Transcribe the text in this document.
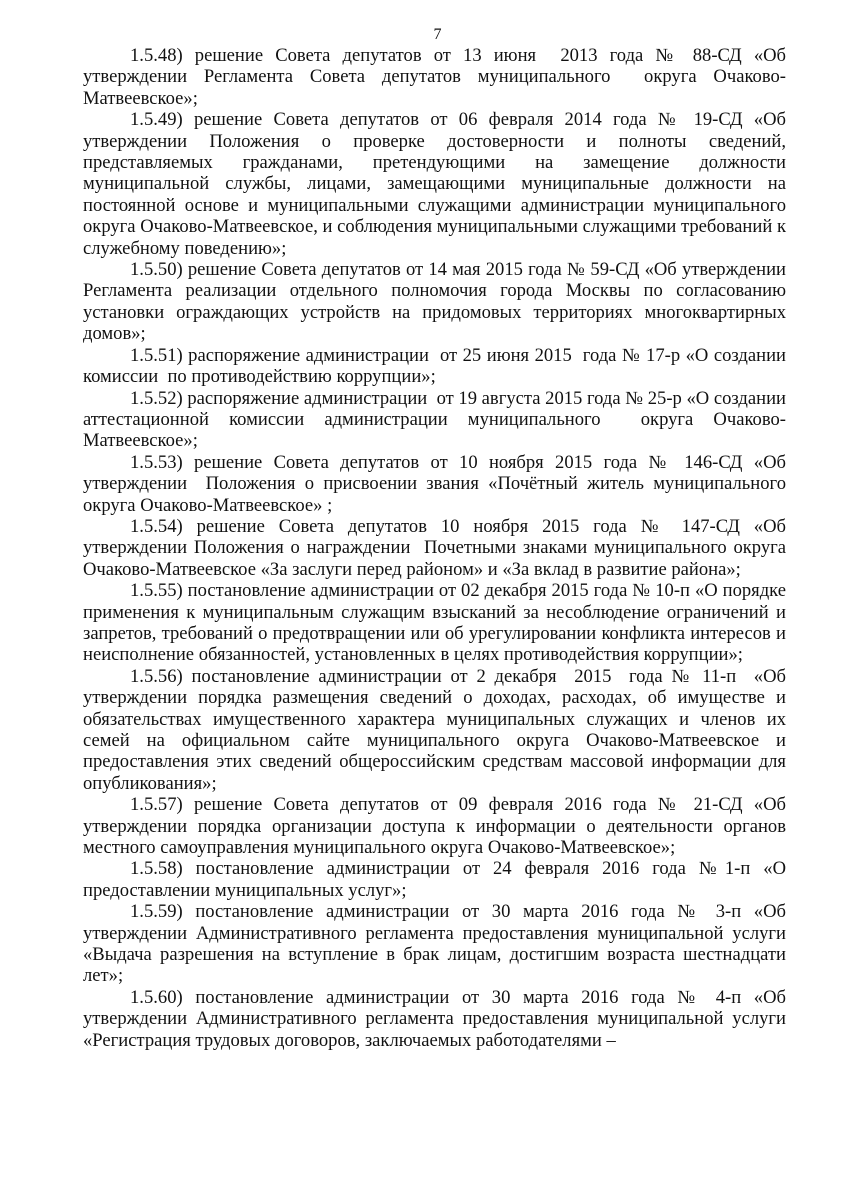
7

1.5.48) решение Совета депутатов от 13 июня  2013 года № 88-СД «Об утверждении Регламента Совета депутатов муниципального  округа Очаково-Матвеевское»;

1.5.49) решение Совета депутатов от 06 февраля 2014 года № 19-СД «Об утверждении Положения о проверке достоверности и полноты сведений, представляемых гражданами, претендующими на замещение должности муниципальной службы, лицами, замещающими муниципальные должности на постоянной основе и муниципальными служащими администрации муниципального округа Очаково-Матвеевское, и соблюдения муниципальными служащими требований к служебному поведению»;

1.5.50) решение Совета депутатов от 14 мая 2015 года № 59-СД «Об утверждении Регламента реализации отдельного полномочия города Москвы по согласованию установки ограждающих устройств на придомовых территориях многоквартирных домов»;

1.5.51) распоряжение администрации  от 25 июня 2015  года № 17-р «О создании комиссии  по противодействию коррупции»;

1.5.52) распоряжение администрации  от 19 августа 2015 года № 25-р «О создании аттестационной комиссии администрации муниципального  округа Очаково-Матвеевское»;

1.5.53) решение Совета депутатов от 10 ноября 2015 года № 146-СД «Об утверждении  Положения о присвоении звания «Почётный житель муниципального округа Очаково-Матвеевское» ;

1.5.54) решение Совета депутатов 10 ноября 2015 года № 147-СД «Об утверждении Положения о награждении  Почетными знаками муниципального округа  Очаково-Матвеевское «За заслуги перед районом» и «За вклад в развитие района»;

1.5.55) постановление администрации от 02 декабря 2015 года № 10-п «О порядке применения к муниципальным служащим взысканий за несоблюдение ограничений и запретов, требований о предотвращении или об урегулировании конфликта интересов и неисполнение обязанностей, установленных в целях противодействия коррупции»;

1.5.56) постановление администрации от 2 декабря  2015  года № 11-п  «Об утверждении порядка размещения сведений о доходах, расходах, об имуществе и обязательствах имущественного характера муниципальных служащих и членов их семей на официальном сайте муниципального округа Очаково-Матвеевское и предоставления этих сведений общероссийским средствам массовой информации для опубликования»;

1.5.57) решение Совета депутатов от 09 февраля 2016 года № 21-СД «Об утверждении порядка организации доступа к информации о деятельности органов местного самоуправления муниципального округа Очаково-Матвеевское»;

1.5.58) постановление администрации от 24 февраля 2016 года №1-п «О предоставлении муниципальных услуг»;

1.5.59) постановление администрации от 30 марта 2016 года № 3-п «Об утверждении Административного регламента предоставления муниципальной услуги «Выдача разрешения на вступление в брак лицам, достигшим возраста шестнадцати лет»;

1.5.60) постановление администрации от 30 марта 2016 года № 4-п «Об утверждении Административного регламента предоставления муниципальной услуги «Регистрация трудовых договоров, заключаемых работодателями –
